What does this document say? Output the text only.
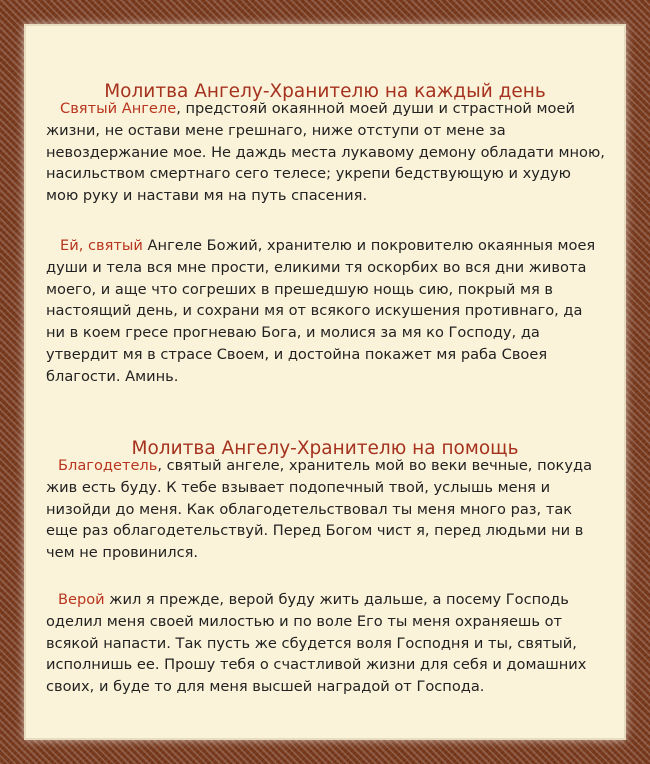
Молитва Ангелу-Хранителю на каждый день

Святый Ангеле, предстояй окаянной моей души и страстной моей жизни, не остави мене грешнаго, ниже отступи от мене за невоздержание мое. Не даждь места лукавому демону обладати мною, насильством смертнаго сего телесе; укрепи бедствующую и худую мою руку и настави мя на путь спасения.

Ей, святый Ангеле Божий, хранителю и покровителю окаянныя моея души и тела вся мне прости, еликими тя оскорбих во вся дни живота моего, и аще что согреших в прешедшую нощь сию, покрый мя в настоящий день, и сохрани мя от всякого искушения противнаго, да ни в коем гресе прогневаю Бога, и молися за мя ко Господу, да утвердит мя в страсе Своем, и достойна покажет мя раба Своея благости. Аминь.

Молитва Ангелу-Хранителю на помощь

Благодетель, святый ангеле, хранитель мой во веки вечные, покуда жив есть буду. К тебе взывает подопечный твой, услышь меня и низойди до меня. Как облагодетельствовал ты меня много раз, так еще раз облагодетельствуй. Перед Богом чист я, перед людьми ни в чем не провинился.

Верой жил я прежде, верой буду жить дальше, а посему Господь оделил меня своей милостью и по воле Его ты меня охраняешь от всякой напасти. Так пусть же сбудется воля Господня и ты, святый, исполнишь ее. Прошу тебя о счастливой жизни для себя и домашних своих, и буде то для меня высшей наградой от Господа.
